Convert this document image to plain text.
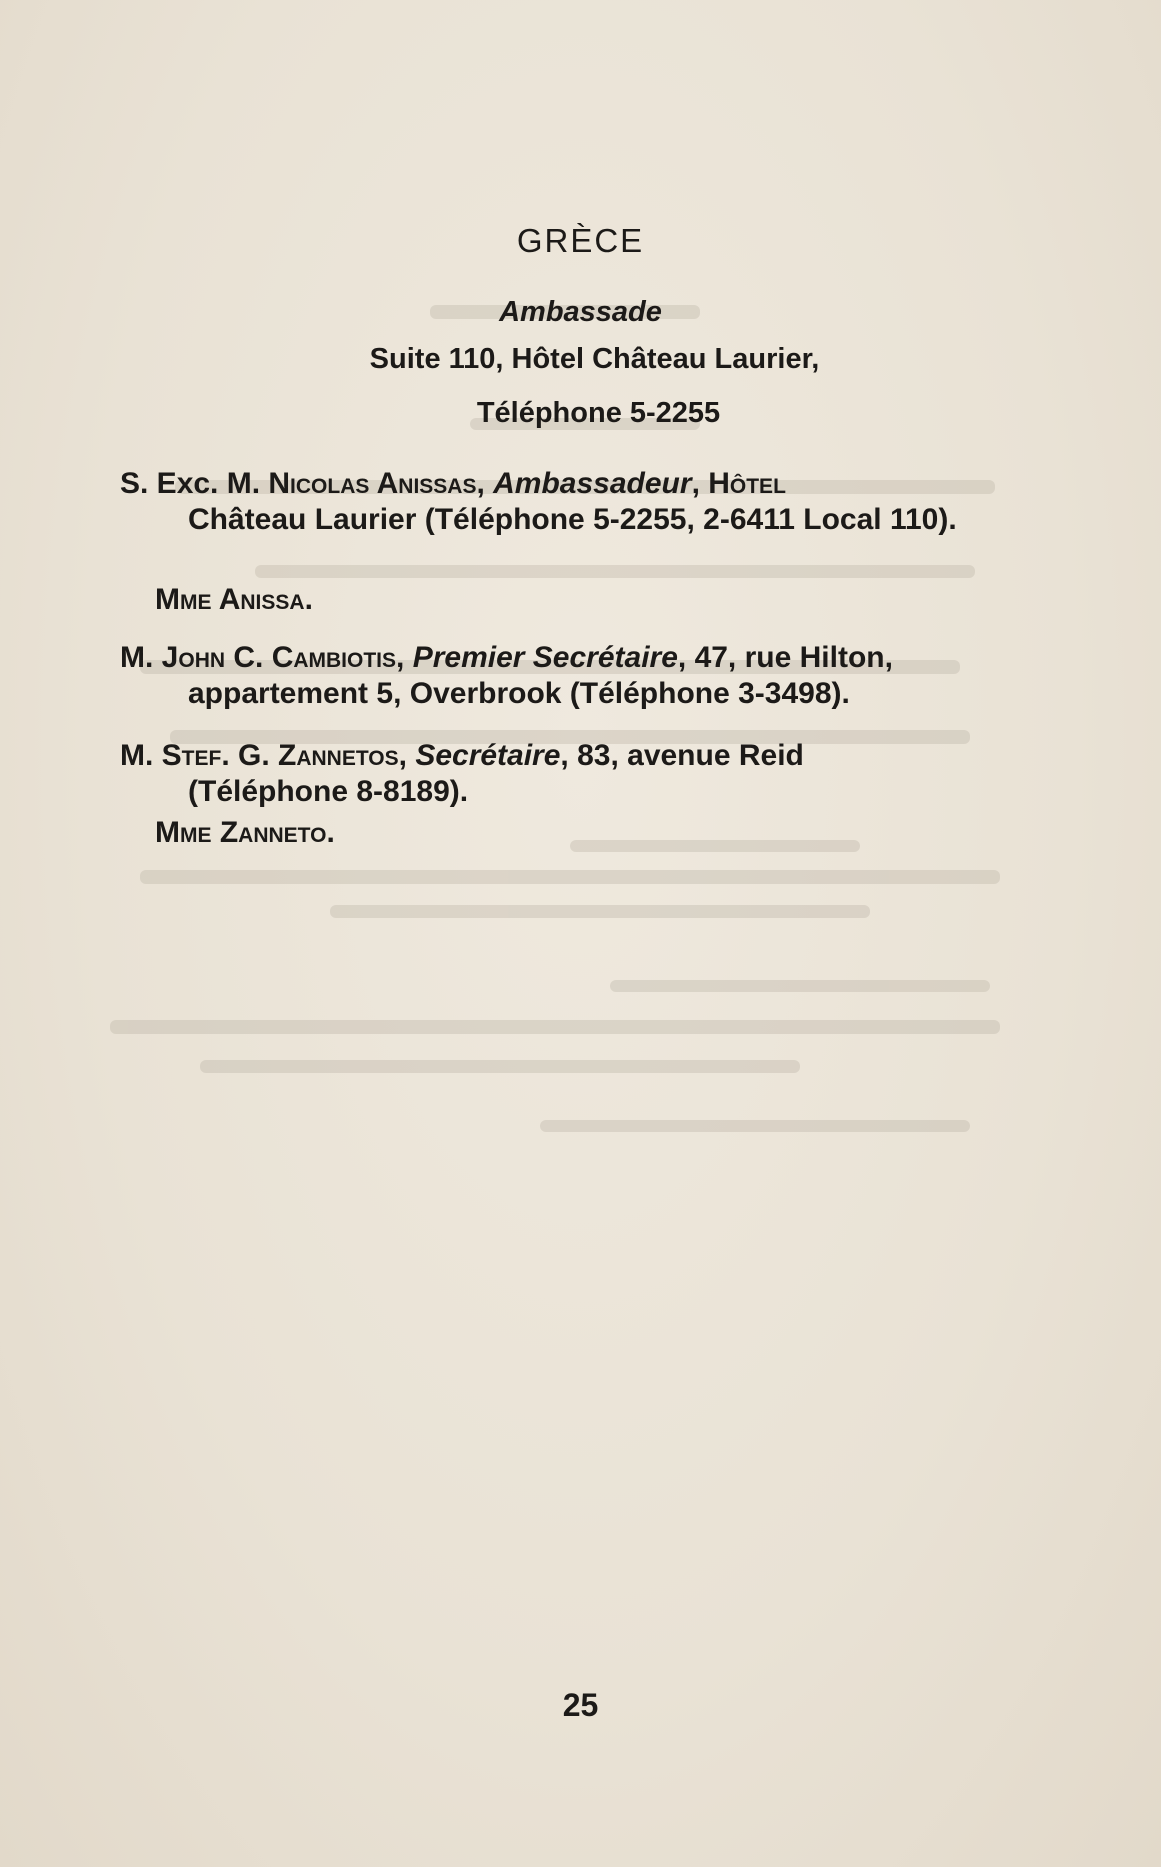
GRÈCE
Ambassade
Suite 110, Hôtel Château Laurier,
Téléphone 5-2255
S. Exc. M. Nicolas Anissas, Ambassadeur, Hôtel
Château Laurier (Téléphone 5-2255, 2-6411 Local 110).
Mme Anissa.
M. John C. Cambiotis, Premier Secrétaire, 47, rue Hilton,
appartement 5, Overbrook (Téléphone 3-3498).
M. Stef. G. Zannetos, Secrétaire, 83, avenue Reid
(Téléphone 8-8189).
Mme Zanneto.
25
